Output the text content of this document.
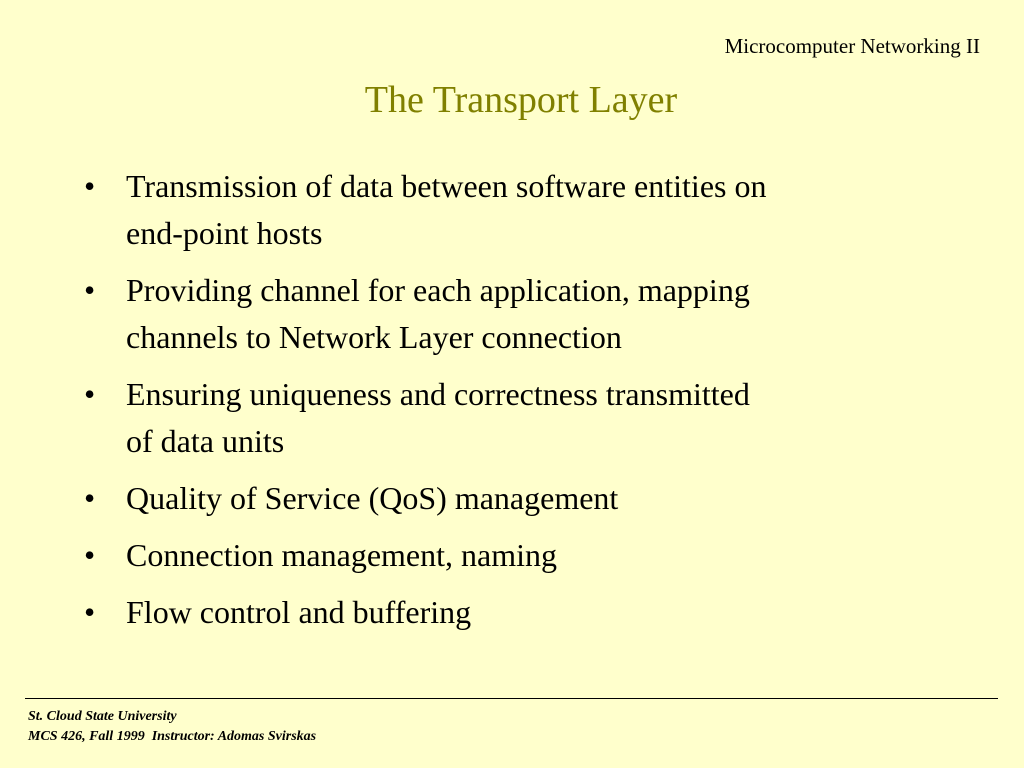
Microcomputer Networking II
The Transport Layer
• Transmission of data between software entities on
end-point hosts
• Providing channel for each application, mapping
channels to Network Layer connection
• Ensuring uniqueness and correctness transmitted
of data units
• Quality of Service (QoS) management
• Connection management, naming
• Flow control and buffering
St. Cloud State University
MCS 426, Fall 1999  Instructor: Adomas Svirskas
